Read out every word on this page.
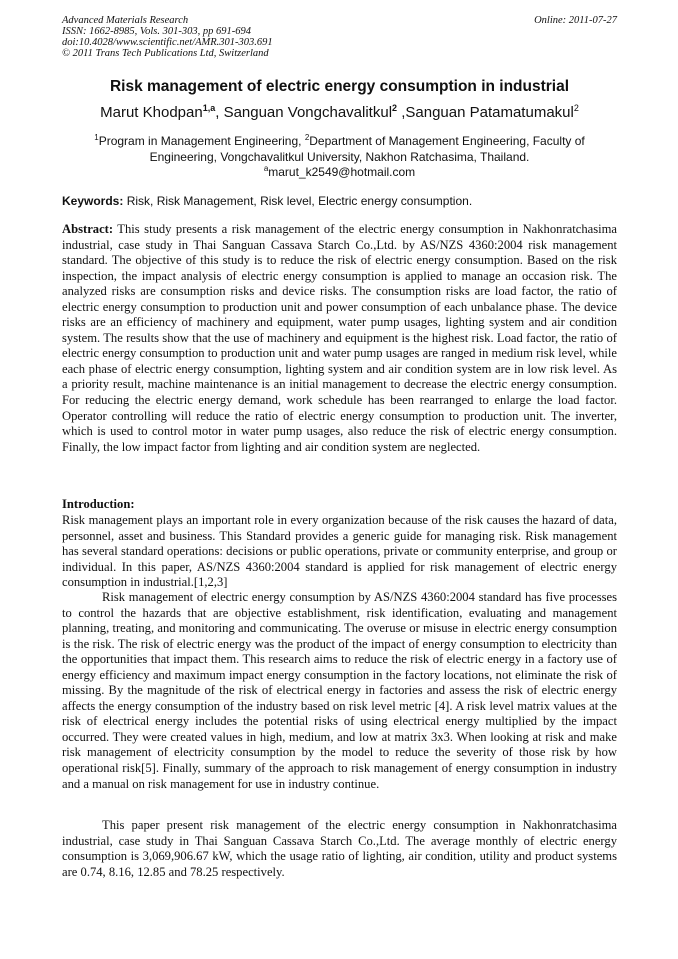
Advanced Materials Research
ISSN: 1662-8985, Vols. 301-303, pp 691-694
doi:10.4028/www.scientific.net/AMR.301-303.691
© 2011 Trans Tech Publications Ltd, Switzerland
Online: 2011-07-27
Risk management of electric energy consumption in industrial
Marut Khodpan$^{1,a}$, Sanguan Vongchavalitkul$^2$ ,Sanguan Patamatumakul$^2$
$^1$Program in Management Engineering, $^2$Department of Management Engineering, Faculty of Engineering, Vongchavalitkul University, Nakhon Ratchasima, Thailand.
$^a$marut_k2549@hotmail.com
Keywords: Risk, Risk Management, Risk level, Electric energy consumption.

Abstract: This study presents a risk management of the electric energy consumption in Nakhonratchasima industrial, case study in Thai Sanguan Cassava Starch Co.,Ltd. by AS/NZS 4360:2004 risk management standard. The objective of this study is to reduce the risk of electric energy consumption. Based on the risk inspection, the impact analysis of electric energy consumption is applied to manage an occasion risk. The analyzed risks are consumption risks and device risks. The consumption risks are load factor, the ratio of electric energy consumption to production unit and power consumption of each unbalance phase. The device risks are an efficiency of machinery and equipment, water pump usages, lighting system and air condition system. The results show that the use of machinery and equipment is the highest risk. Load factor, the ratio of electric energy consumption to production unit and water pump usages are ranged in medium risk level, while each phase of electric energy consumption, lighting system and air condition system are in low risk level. As a priority result, machine maintenance is an initial management to decrease the electric energy consumption. For reducing the electric energy demand, work schedule has been rearranged to enlarge the load factor. Operator controlling will reduce the ratio of electric energy consumption to production unit. The inverter, which is used to control motor in water pump usages, also reduce the risk of electric energy consumption. Finally, the low impact factor from lighting and air condition system are neglected.

Introduction:

Risk management plays an important role in every organization because of the risk causes the hazard of data, personnel, asset and business. This Standard provides a generic guide for managing risk. Risk management has several standard operations: decisions or public operations, private or community enterprise, and group or individual. In this paper, AS/NZS 4360:2004 standard is applied for risk management of electric energy consumption in industrial.[1,2,3]

Risk management of electric energy consumption by AS/NZS 4360:2004 standard has five processes to control the hazards that are objective establishment, risk identification, evaluating and management planning, treating, and monitoring and communicating. The overuse or misuse in electric energy consumption is the risk. The risk of electric energy was the product of the impact of energy consumption to electricity than the opportunities that impact them. This research aims to reduce the risk of electric energy in a factory use of energy efficiency and maximum impact energy consumption in the factory locations, not eliminate the risk of missing. By the magnitude of the risk of electrical energy in factories and assess the risk of electric energy affects the energy consumption of the industry based on risk level metric [4]. A risk level matrix values at the risk of electrical energy includes the potential risks of using electrical energy multiplied by the impact occurred. They were created values in high, medium, and low at matrix 3x3. When looking at risk and make risk management of electricity consumption by the model to reduce the severity of those risk by how operational risk[5]. Finally, summary of the approach to risk management of energy consumption in industry and a manual on risk management for use in industry continue.

This paper present risk management of the electric energy consumption in Nakhonratchasima industrial, case study in Thai Sanguan Cassava Starch Co.,Ltd. The average monthly of electric energy consumption is 3,069,906.67 kW, which the usage ratio of lighting, air condition, utility and product systems are 0.74, 8.16, 12.85 and 78.25 respectively.
